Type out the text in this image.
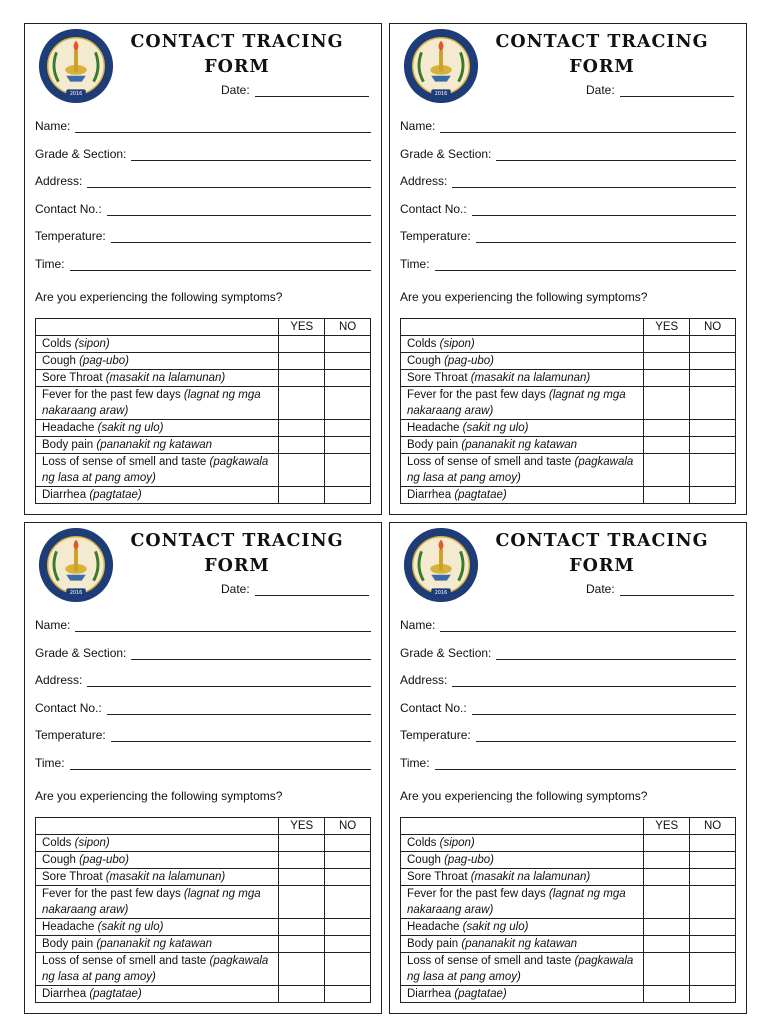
2016
CONTACT TRACING
FORM
Date:
Name:
Grade & Section:
Address:
Contact No.:
Temperature:
Time:
Are you experiencing the following symptoms?
	YES	NO
Colds (sipon)		
Cough (pag-ubo)		
Sore Throat (masakit na lalamunan)		
Fever for the past few days (lagnat ng mga nakaraang araw)		
Headache (sakit ng ulo)		
Body pain (pananakit ng katawan		
Loss of sense of smell and taste (pagkawala ng lasa at pang amoy)		
Diarrhea (pagtatae)		
2016
CONTACT TRACING
FORM
Date:
Name:
Grade & Section:
Address:
Contact No.:
Temperature:
Time:
Are you experiencing the following symptoms?
	YES	NO
Colds (sipon)		
Cough (pag-ubo)		
Sore Throat (masakit na lalamunan)		
Fever for the past few days (lagnat ng mga nakaraang araw)		
Headache (sakit ng ulo)		
Body pain (pananakit ng katawan		
Loss of sense of smell and taste (pagkawala ng lasa at pang amoy)		
Diarrhea (pagtatae)		
2016
CONTACT TRACING
FORM
Date:
Name:
Grade & Section:
Address:
Contact No.:
Temperature:
Time:
Are you experiencing the following symptoms?
	YES	NO
Colds (sipon)		
Cough (pag-ubo)		
Sore Throat (masakit na lalamunan)		
Fever for the past few days (lagnat ng mga nakaraang araw)		
Headache (sakit ng ulo)		
Body pain (pananakit ng katawan		
Loss of sense of smell and taste (pagkawala ng lasa at pang amoy)		
Diarrhea (pagtatae)		
2016
CONTACT TRACING
FORM
Date:
Name:
Grade & Section:
Address:
Contact No.:
Temperature:
Time:
Are you experiencing the following symptoms?
	YES	NO
Colds (sipon)		
Cough (pag-ubo)		
Sore Throat (masakit na lalamunan)		
Fever for the past few days (lagnat ng mga nakaraang araw)		
Headache (sakit ng ulo)		
Body pain (pananakit ng katawan		
Loss of sense of smell and taste (pagkawala ng lasa at pang amoy)		
Diarrhea (pagtatae)		
